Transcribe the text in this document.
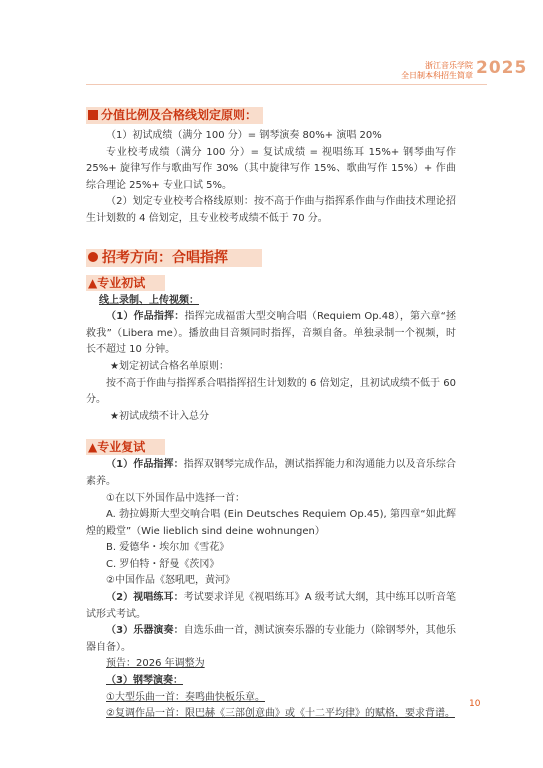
浙江音乐学院
全日制本科招生简章 2025
分值比例及合格线划定原则：

（1）初试成绩（满分 100 分）= 钢琴演奏 80%+ 演唱 20%

专业校考成绩（满分 100 分）= 复试成绩 = 视唱练耳 15%+ 钢琴曲写作 25%+ 旋律写作与歌曲写作 30%（其中旋律写作 15%、歌曲写作 15%）+ 作曲综合理论 25%+ 专业口试 5%。

（2）划定专业校考合格线原则：按不高于作曲与指挥系作曲与作曲技术理论招生计划数的 4 倍划定，且专业校考成绩不低于 70 分。

招考方向：合唱指挥
▲专业初试

线上录制、上传视频：

（1）作品指挥：指挥完成福雷大型交响合唱（Requiem Op.48），第六章“拯救我”（Libera me）。播放曲目音频同时指挥，音频自备。单独录制一个视频，时长不超过 10 分钟。

★划定初试合格名单原则：

按不高于作曲与指挥系合唱指挥招生计划数的 6 倍划定，且初试成绩不低于 60 分。

★初试成绩不计入总分

▲专业复试

（1）作品指挥：指挥双钢琴完成作品，测试指挥能力和沟通能力以及音乐综合素养。

①在以下外国作品中选择一首：

A. 勃拉姆斯大型交响合唱 (Ein Deutsches Requiem Op.45), 第四章“如此辉煌的殿堂”（Wie lieblich sind deine wohnungen）

B. 爱德华・埃尔加《雪花》

C. 罗伯特・舒曼《茨冈》

②中国作品《怒吼吧，黄河》

（2）视唱练耳：考试要求详见《视唱练耳》A 级考试大纲，其中练耳以听音笔试形式考试。

（3）乐器演奏：自选乐曲一首，测试演奏乐器的专业能力（除钢琴外，其他乐器自备）。

预告：2026 年调整为

（3）钢琴演奏：

①大型乐曲一首：奏鸣曲快板乐章。

②复调作品一首：限巴赫《三部创意曲》或《十二平均律》的赋格，要求背谱。

10
